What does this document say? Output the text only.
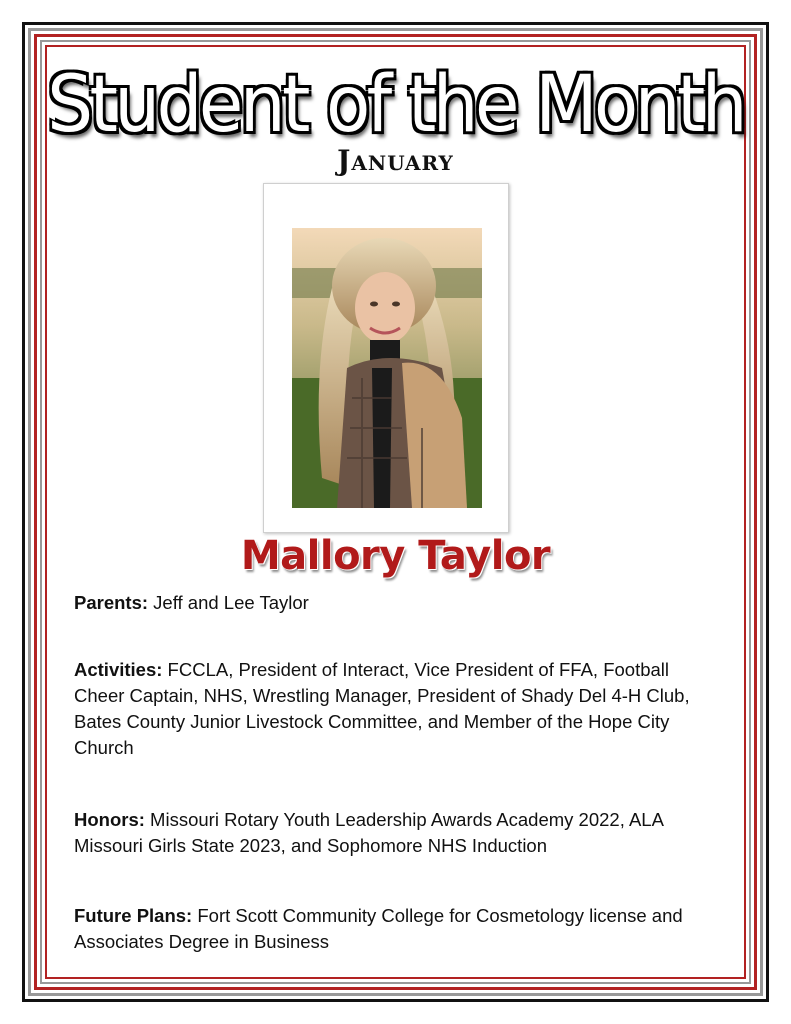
Student of the Month
January
Mallory Taylor
Parents: Jeff and Lee Taylor
Activities: FCCLA, President of Interact, Vice President of FFA, Football Cheer Captain, NHS, Wrestling Manager, President of Shady Del 4-H Club, Bates County Junior Livestock Committee, and Member of the Hope City Church
Honors: Missouri Rotary Youth Leadership Awards Academy 2022, ALA Missouri Girls State 2023, and Sophomore NHS Induction
Future Plans: Fort Scott Community College for Cosmetology license and Associates Degree in Business
